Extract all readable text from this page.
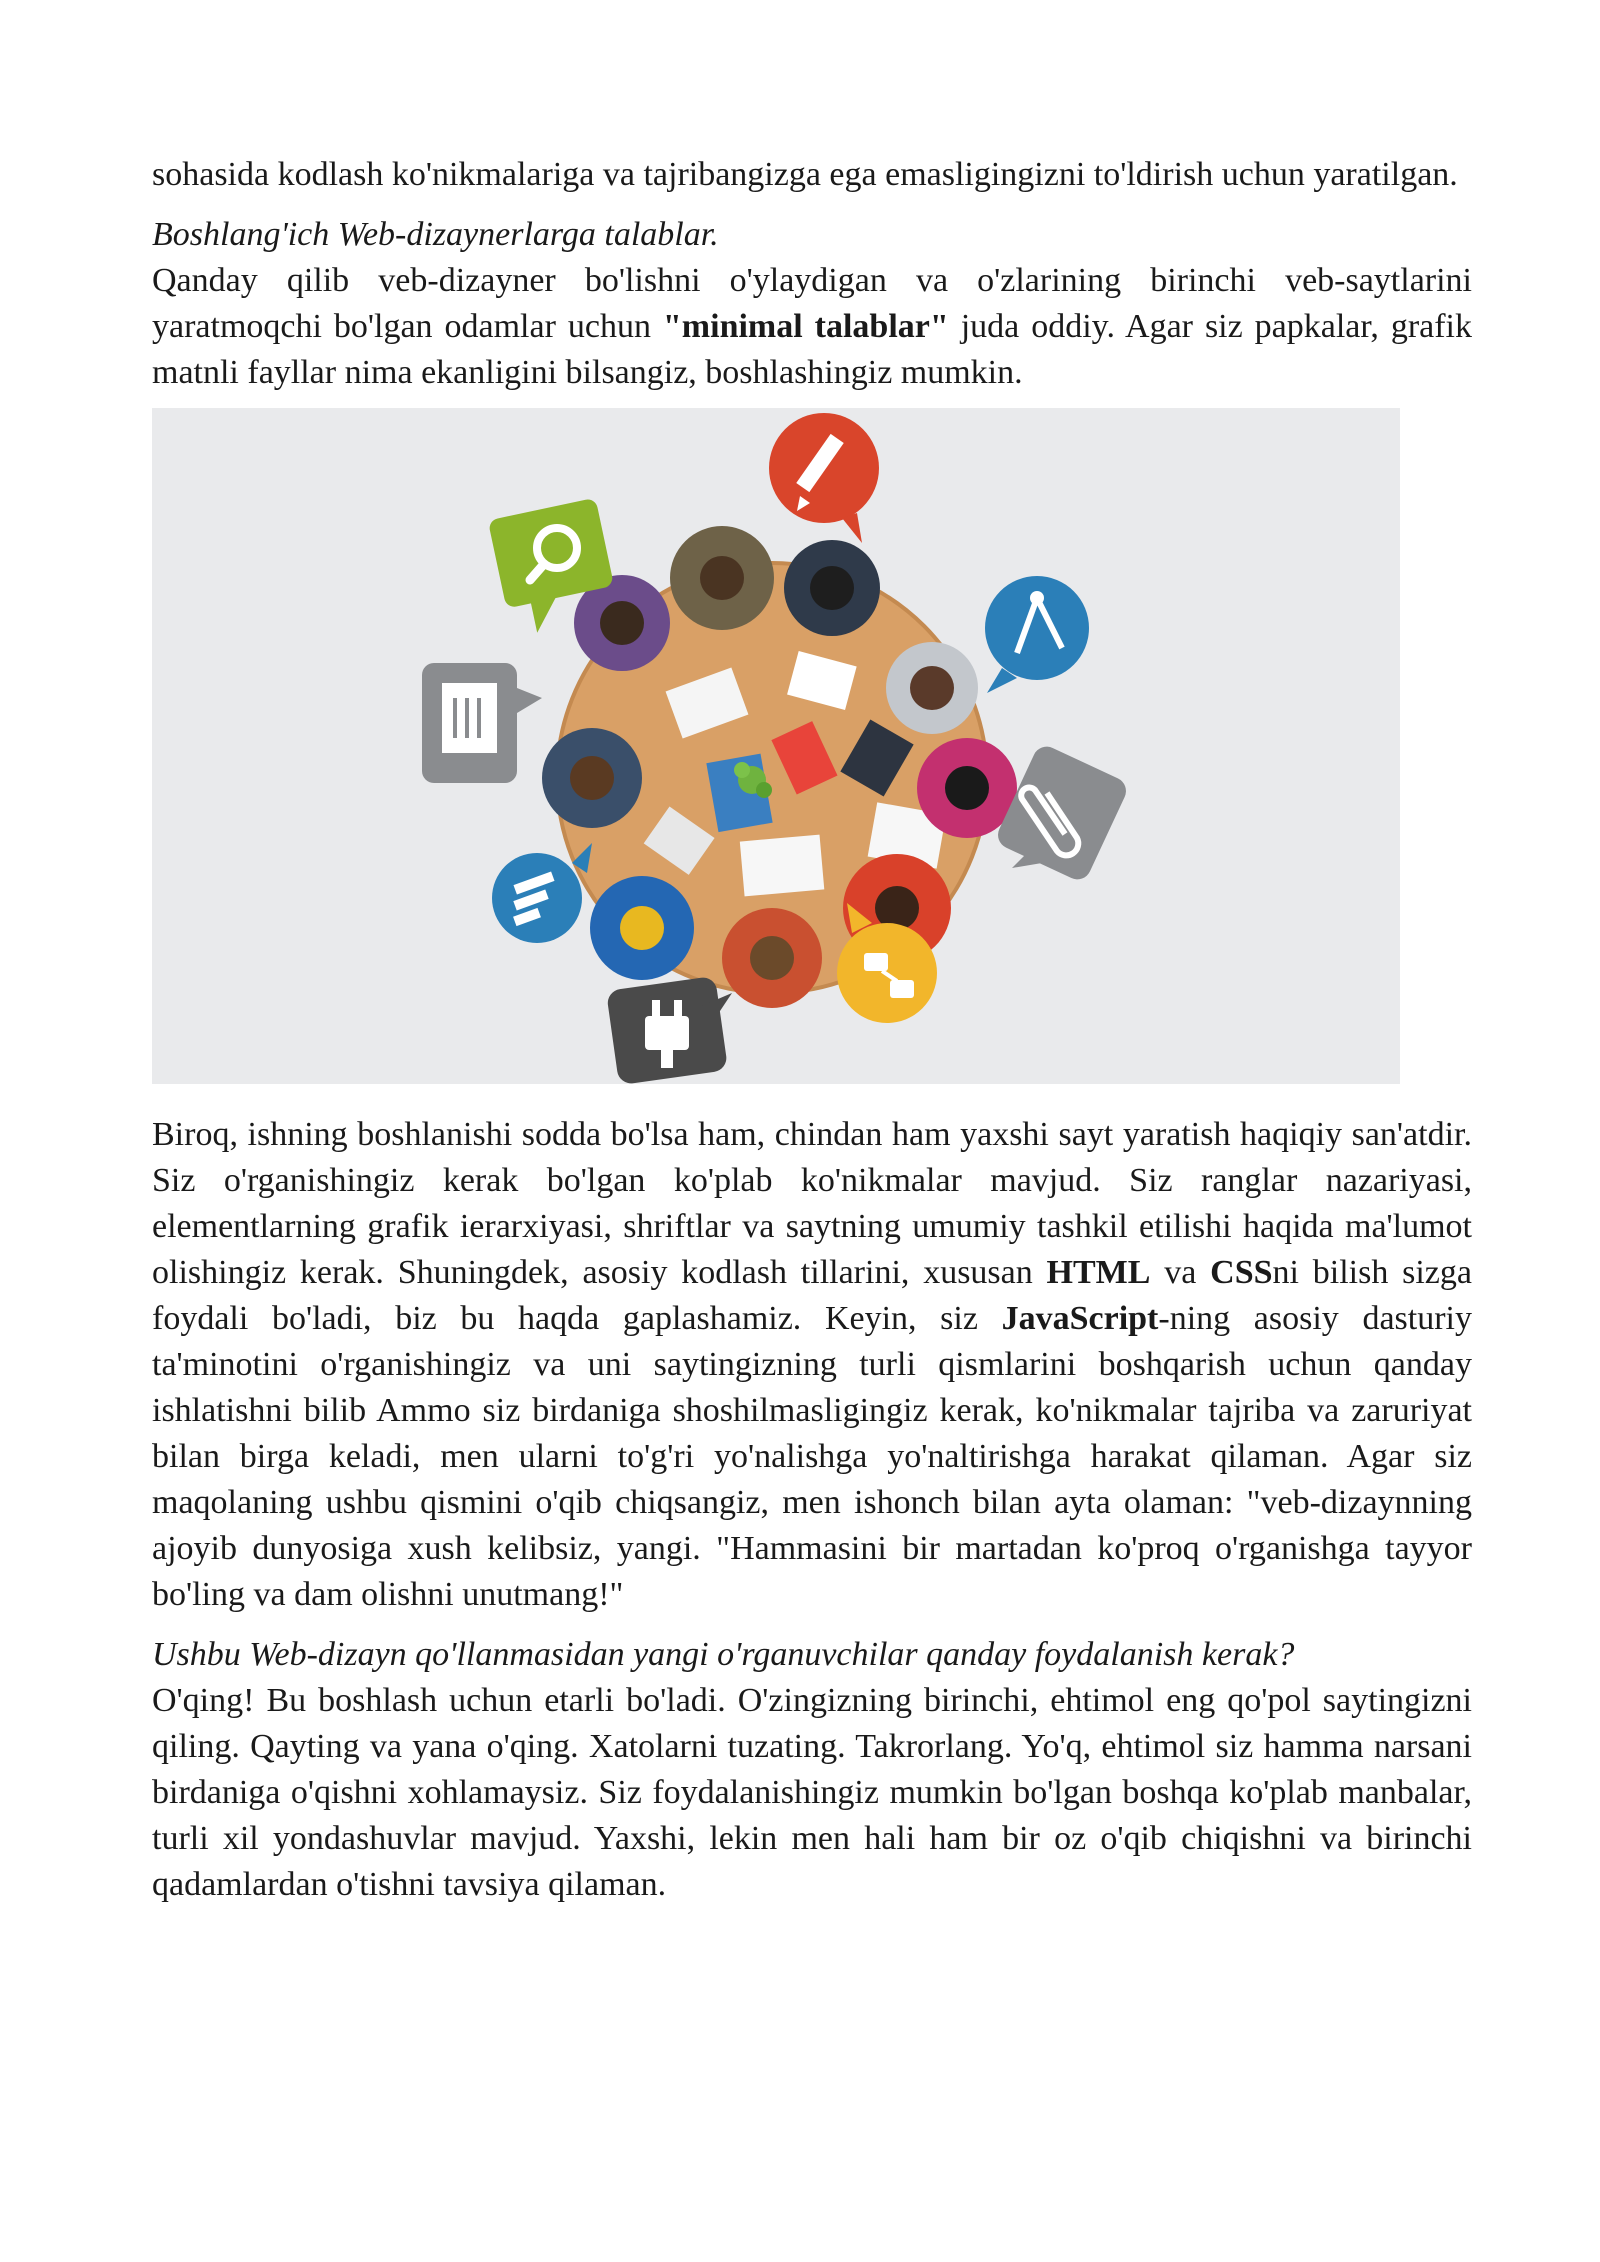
sohasida kodlash ko'nikmalariga va tajribangizga ega emasligingizni to'ldirish uchun yaratilgan.

Boshlang'ich Web-dizaynerlarga talablar.

Qanday qilib veb-dizayner bo'lishni o'ylaydigan va o'zlarining birinchi veb-saytlarini yaratmoqchi bo'lgan odamlar uchun "minimal talablar" juda oddiy. Agar siz papkalar, grafik matnli fayllar nima ekanligini bilsangiz, boshlashingiz mumkin.

Biroq, ishning boshlanishi sodda bo'lsa ham, chindan ham yaxshi sayt yaratish haqiqiy san'atdir. Siz o'rganishingiz kerak bo'lgan ko'plab ko'nikmalar mavjud. Siz ranglar nazariyasi, elementlarning grafik ierarxiyasi, shriftlar va saytning umumiy tashkil etilishi haqida ma'lumot olishingiz kerak. Shuningdek, asosiy kodlash tillarini, xususan HTML va CSSni bilish sizga foydali bo'ladi, biz bu haqda gaplashamiz. Keyin, siz JavaScript-ning asosiy dasturiy ta'minotini o'rganishingiz va uni saytingizning turli qismlarini boshqarish uchun qanday ishlatishni bilib Ammo siz birdaniga shoshilmasligingiz kerak, ko'nikmalar tajriba va zaruriyat bilan birga keladi, men ularni to'g'ri yo'nalishga yo'naltirishga harakat qilaman. Agar siz maqolaning ushbu qismini o'qib chiqsangiz, men ishonch bilan ayta olaman: "veb-dizaynning ajoyib dunyosiga xush kelibsiz, yangi. "Hammasini bir martadan ko'proq o'rganishga tayyor bo'ling va dam olishni unutmang!"

Ushbu Web-dizayn qo'llanmasidan yangi o'rganuvchilar qanday foydalanish kerak?

O'qing! Bu boshlash uchun etarli bo'ladi. O'zingizning birinchi, ehtimol eng qo'pol saytingizni qiling. Qayting va yana o'qing. Xatolarni tuzating. Takrorlang. Yo'q, ehtimol siz hamma narsani birdaniga o'qishni xohlamaysiz. Siz foydalanishingiz mumkin bo'lgan boshqa ko'plab manbalar, turli xil yondashuvlar mavjud. Yaxshi, lekin men hali ham bir oz o'qib chiqishni va birinchi qadamlardan o'tishni tavsiya qilaman.
